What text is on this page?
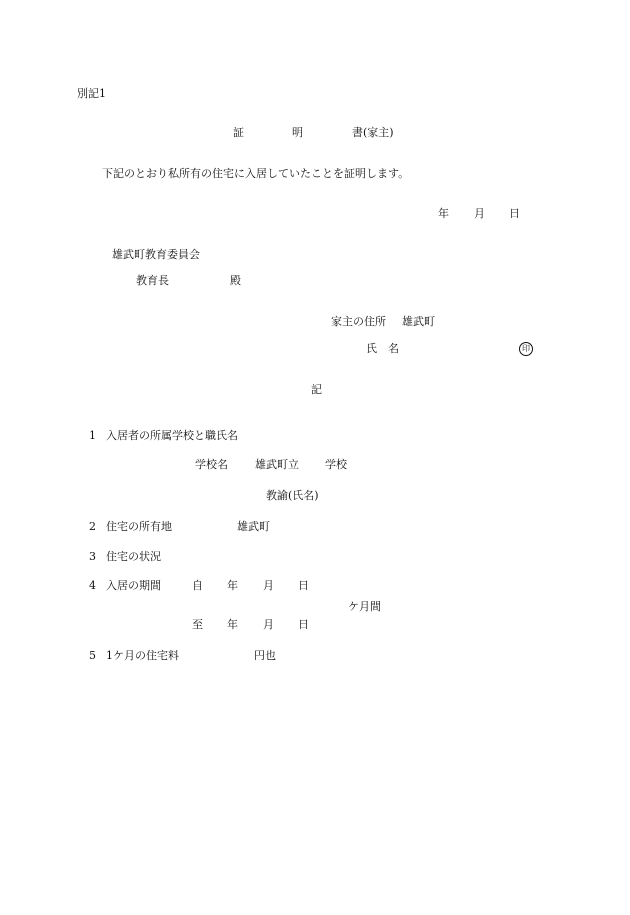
別記1
証	明	書(家主)
下記のとおり私所有の住宅に入居していたことを証明します。
年 月 日
雄武町教育委員会
教育長	殿
家主の住所 雄武町
氏　名	印
記
1 入居者の所属学校と職氏名
学校名 雄武町立 学校
教諭(氏名)
2 住宅の所有地	雄武町
3 住宅の状況
4 入居の期間	自 年 月 日
ケ月間
至 年 月 日
5 1ケ月の住宅料	円也
